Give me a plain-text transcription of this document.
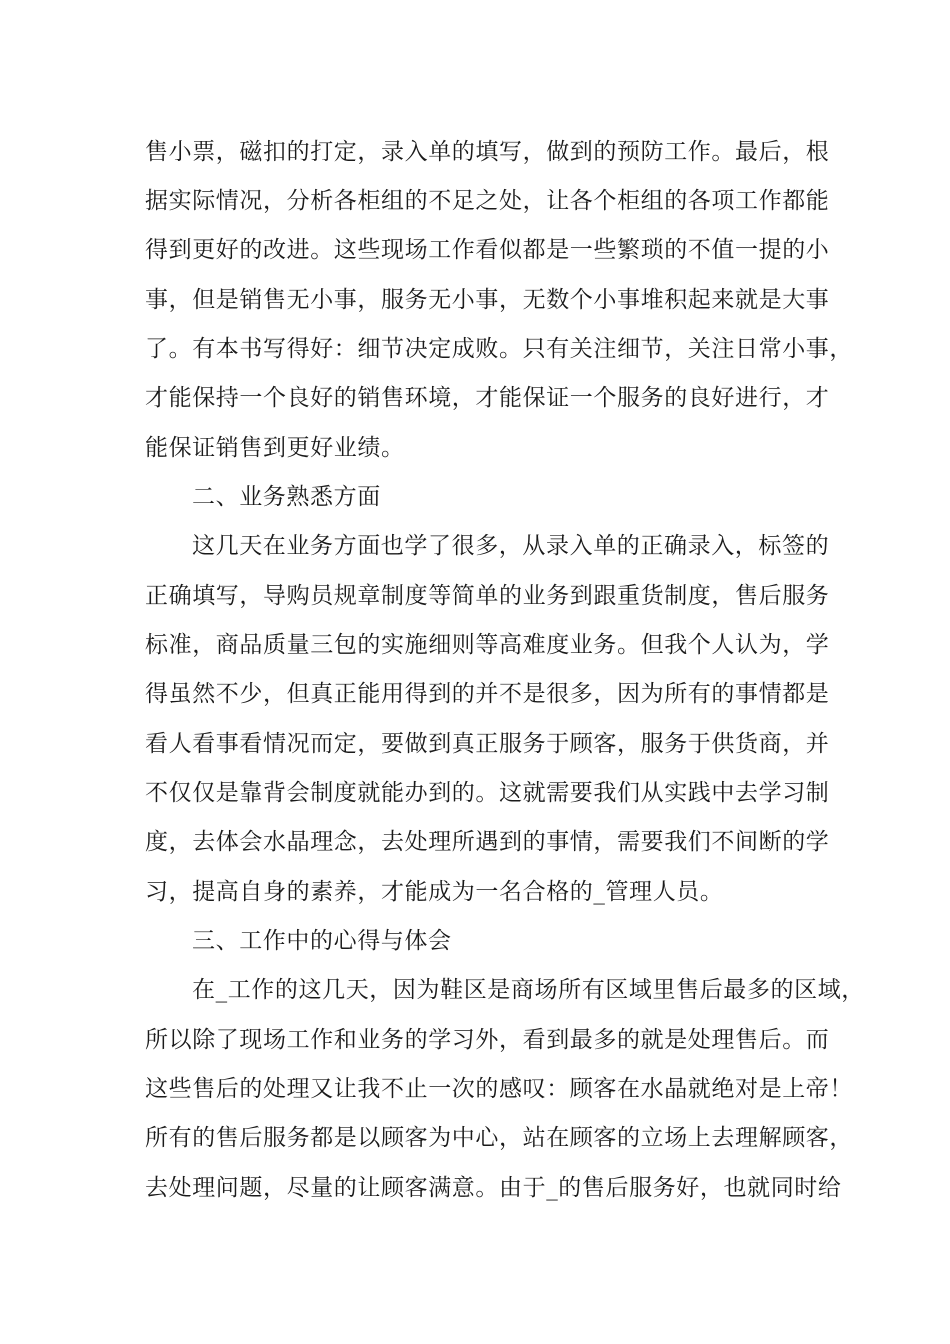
售小票，磁扣的打定，录入单的填写，做到的预防工作。最后，根
据实际情况，分析各柜组的不足之处，让各个柜组的各项工作都能
得到更好的改进。这些现场工作看似都是一些繁琐的不值一提的小
事，但是销售无小事，服务无小事，无数个小事堆积起来就是大事
了。有本书写得好：细节决定成败。只有关注细节，关注日常小事，
才能保持一个良好的销售环境，才能保证一个服务的良好进行，才
能保证销售到更好业绩。
二、业务熟悉方面
这几天在业务方面也学了很多，从录入单的正确录入，标签的
正确填写，导购员规章制度等简单的业务到跟重货制度，售后服务
标准，商品质量三包的实施细则等高难度业务。但我个人认为，学
得虽然不少，但真正能用得到的并不是很多，因为所有的事情都是
看人看事看情况而定，要做到真正服务于顾客，服务于供货商，并
不仅仅是靠背会制度就能办到的。这就需要我们从实践中去学习制
度，去体会水晶理念，去处理所遇到的事情，需要我们不间断的学
习，提高自身的素养，才能成为一名合格的_管理人员。
三、工作中的心得与体会
在_工作的这几天，因为鞋区是商场所有区域里售后最多的区域，
所以除了现场工作和业务的学习外，看到最多的就是处理售后。而
这些售后的处理又让我不止一次的感叹：顾客在水晶就绝对是上帝！
所有的售后服务都是以顾客为中心，站在顾客的立场上去理解顾客，
去处理问题，尽量的让顾客满意。由于_的售后服务好，也就同时给
